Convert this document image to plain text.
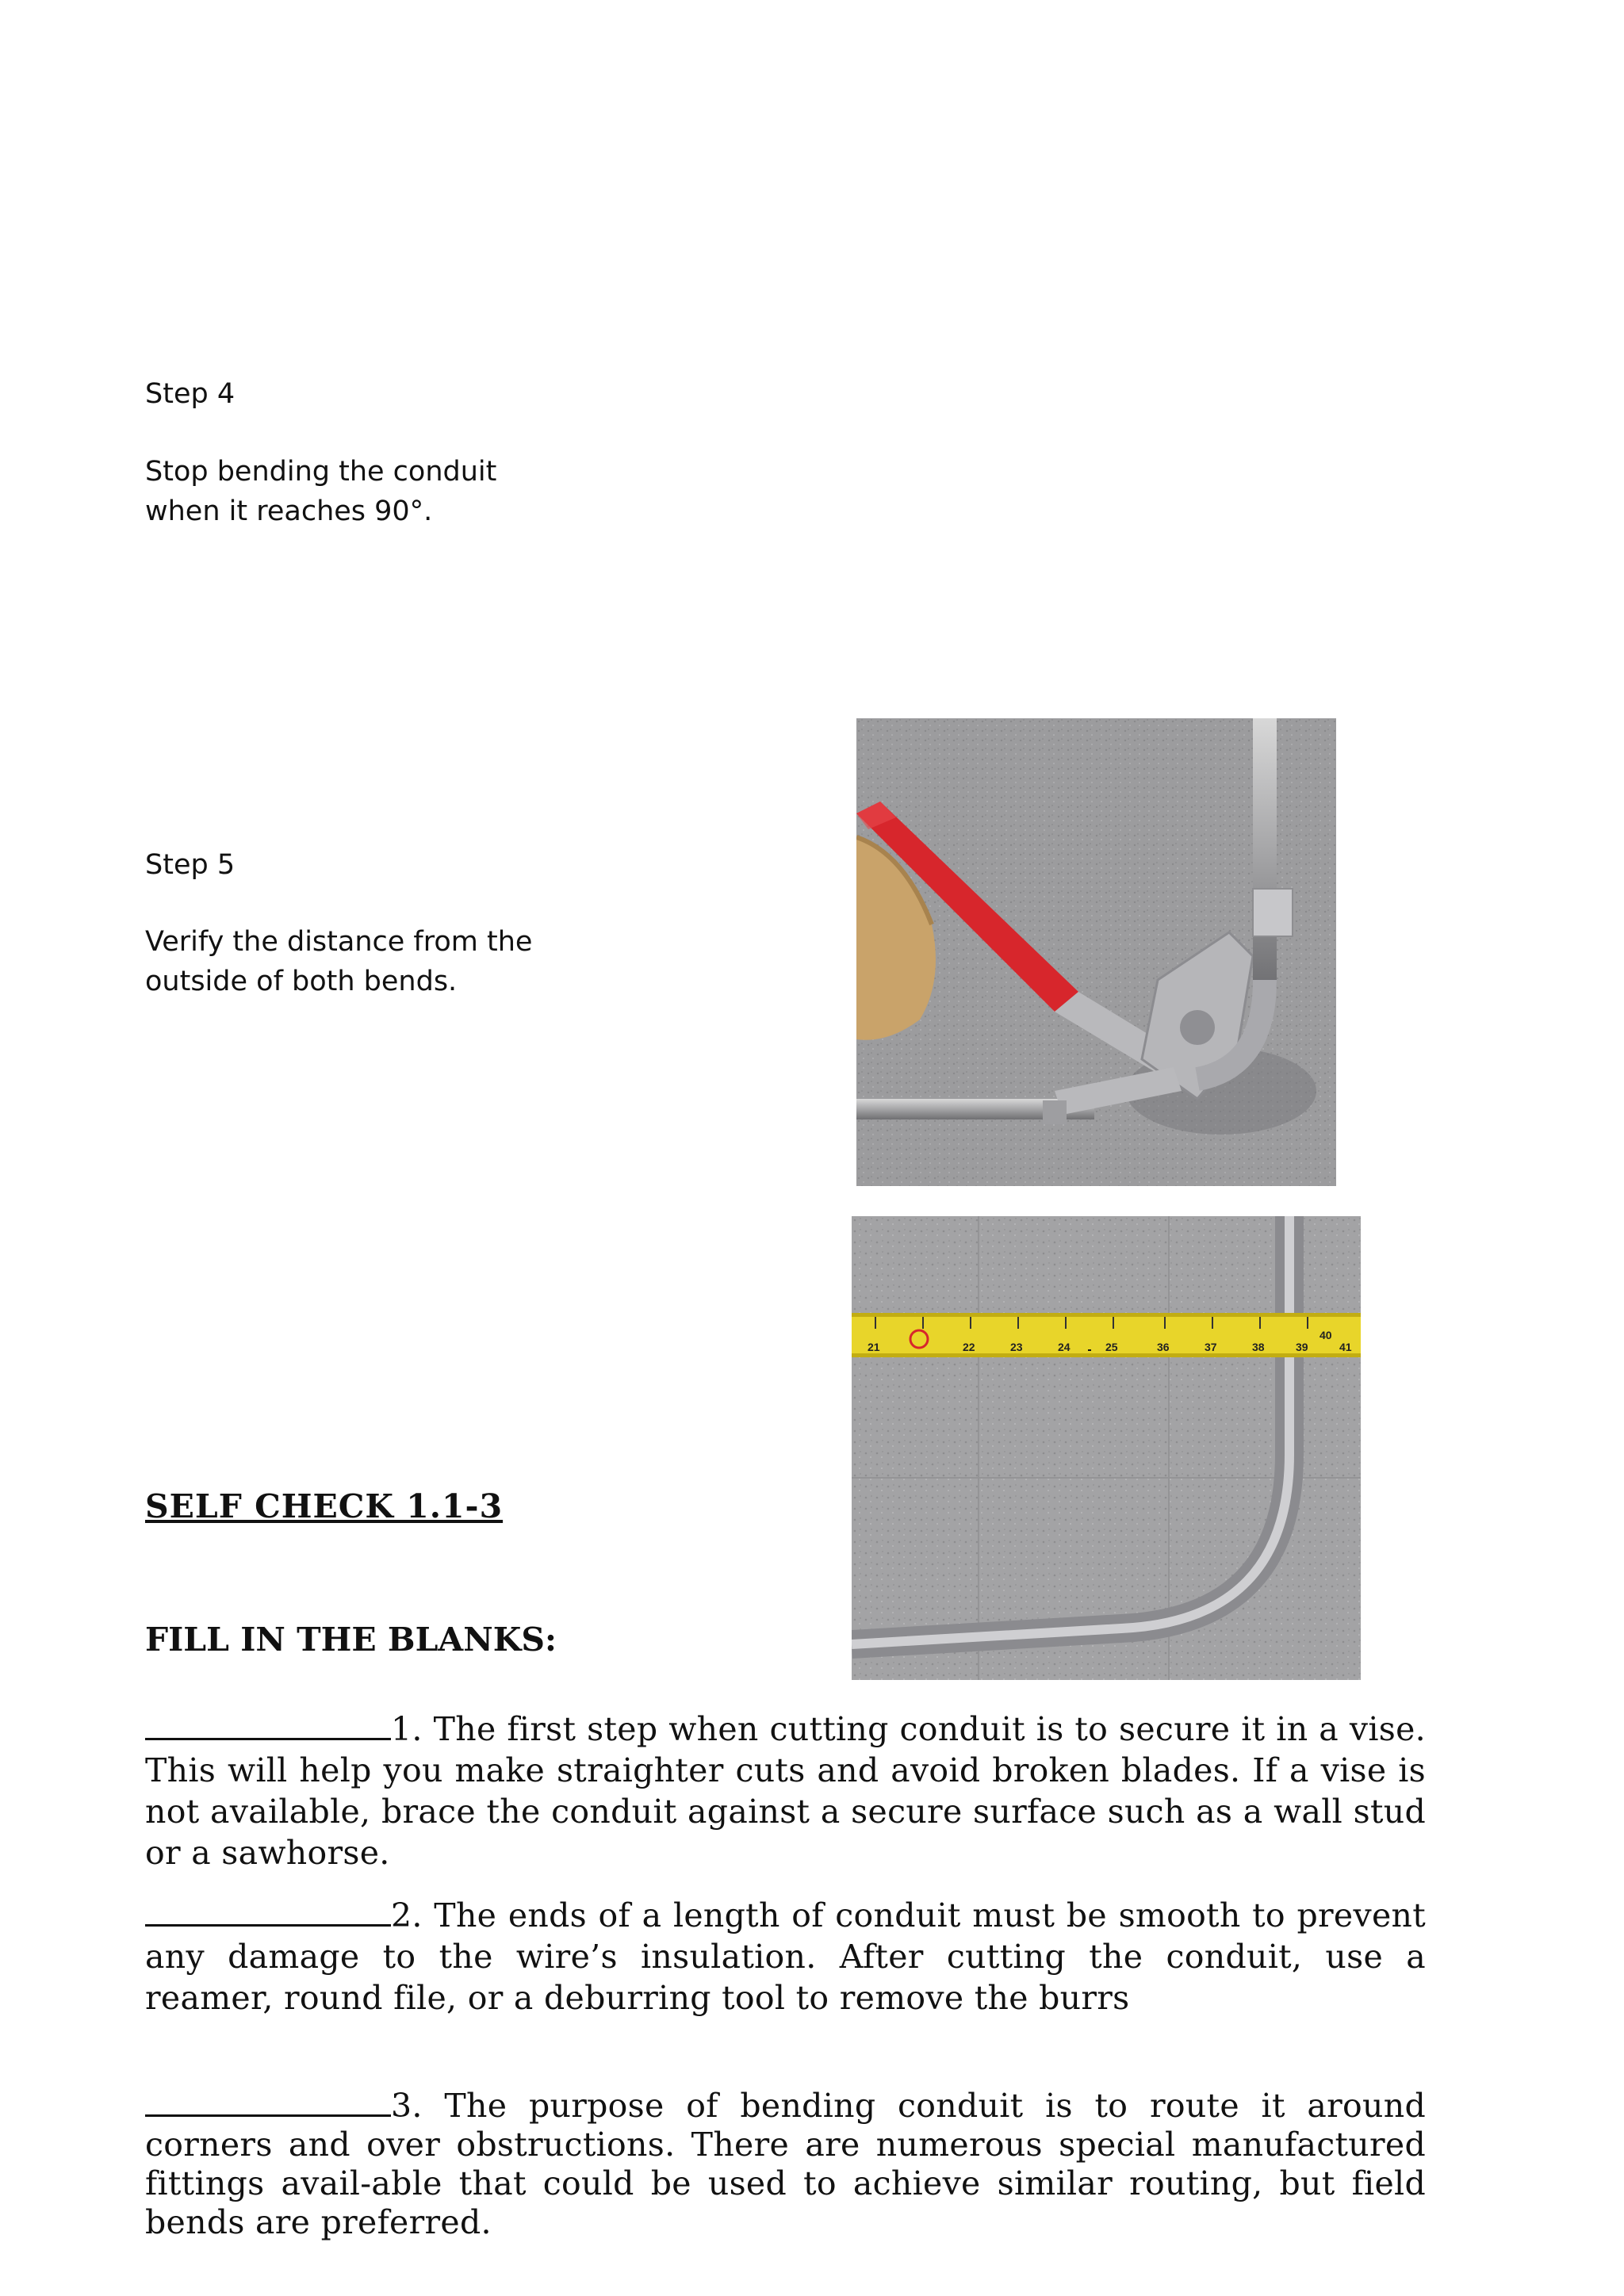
Step 4
Stop bending the conduit
when it reaches 90°.
Step 5
Verify the distance from the
outside of both bends.
21	22	23	24	25	36	37	38	39
40
41
SELF CHECK 1.1-3
FILL IN THE BLANKS:
1. The first step when cutting conduit is to secure it in a vise. This will help you make straighter cuts and avoid broken blades. If a vise is not available, brace the conduit against a secure surface such as a wall stud or a sawhorse.
2. The ends of a length of conduit must be smooth to prevent any damage to the wire’s insulation. After cutting the conduit, use a reamer, round file, or a deburring tool to remove the burrs
3. The purpose of bending conduit is to route it around corners and over obstructions. There are numerous special manufactured fittings avail-able that could be used to achieve similar routing, but field bends are preferred.
